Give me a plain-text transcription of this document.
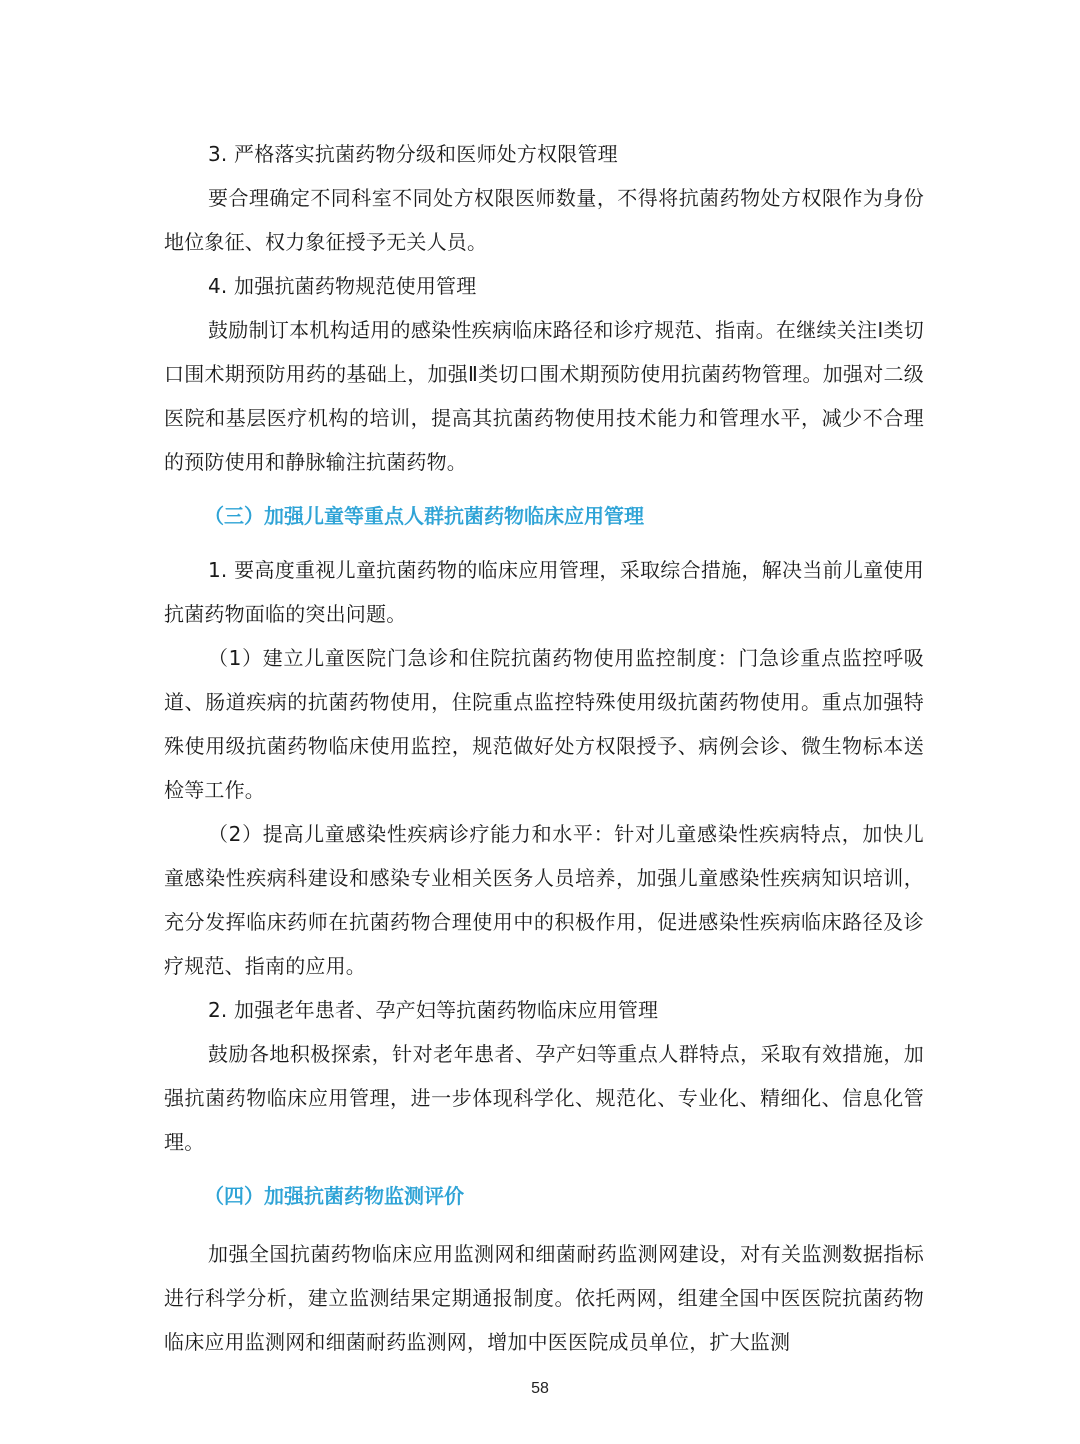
3. 严格落实抗菌药物分级和医师处方权限管理

要合理确定不同科室不同处方权限医师数量，不得将抗菌药物处方权限作为身份地位象征、权力象征授予无关人员。

4. 加强抗菌药物规范使用管理

鼓励制订本机构适用的感染性疾病临床路径和诊疗规范、指南。在继续关注Ⅰ类切口围术期预防用药的基础上，加强Ⅱ类切口围术期预防使用抗菌药物管理。加强对二级医院和基层医疗机构的培训，提高其抗菌药物使用技术能力和管理水平，减少不合理的预防使用和静脉输注抗菌药物。

（三）加强儿童等重点人群抗菌药物临床应用管理

1. 要高度重视儿童抗菌药物的临床应用管理，采取综合措施，解决当前儿童使用抗菌药物面临的突出问题。

（1）建立儿童医院门急诊和住院抗菌药物使用监控制度：门急诊重点监控呼吸道、肠道疾病的抗菌药物使用，住院重点监控特殊使用级抗菌药物使用。重点加强特殊使用级抗菌药物临床使用监控，规范做好处方权限授予、病例会诊、微生物标本送检等工作。

（2）提高儿童感染性疾病诊疗能力和水平：针对儿童感染性疾病特点，加快儿童感染性疾病科建设和感染专业相关医务人员培养，加强儿童感染性疾病知识培训，充分发挥临床药师在抗菌药物合理使用中的积极作用，促进感染性疾病临床路径及诊疗规范、指南的应用。

2. 加强老年患者、孕产妇等抗菌药物临床应用管理

鼓励各地积极探索，针对老年患者、孕产妇等重点人群特点，采取有效措施，加强抗菌药物临床应用管理，进一步体现科学化、规范化、专业化、精细化、信息化管理。

（四）加强抗菌药物监测评价

加强全国抗菌药物临床应用监测网和细菌耐药监测网建设，对有关监测数据指标进行科学分析，建立监测结果定期通报制度。依托两网，组建全国中医医院抗菌药物临床应用监测网和细菌耐药监测网，增加中医医院成员单位，扩大监测

58
